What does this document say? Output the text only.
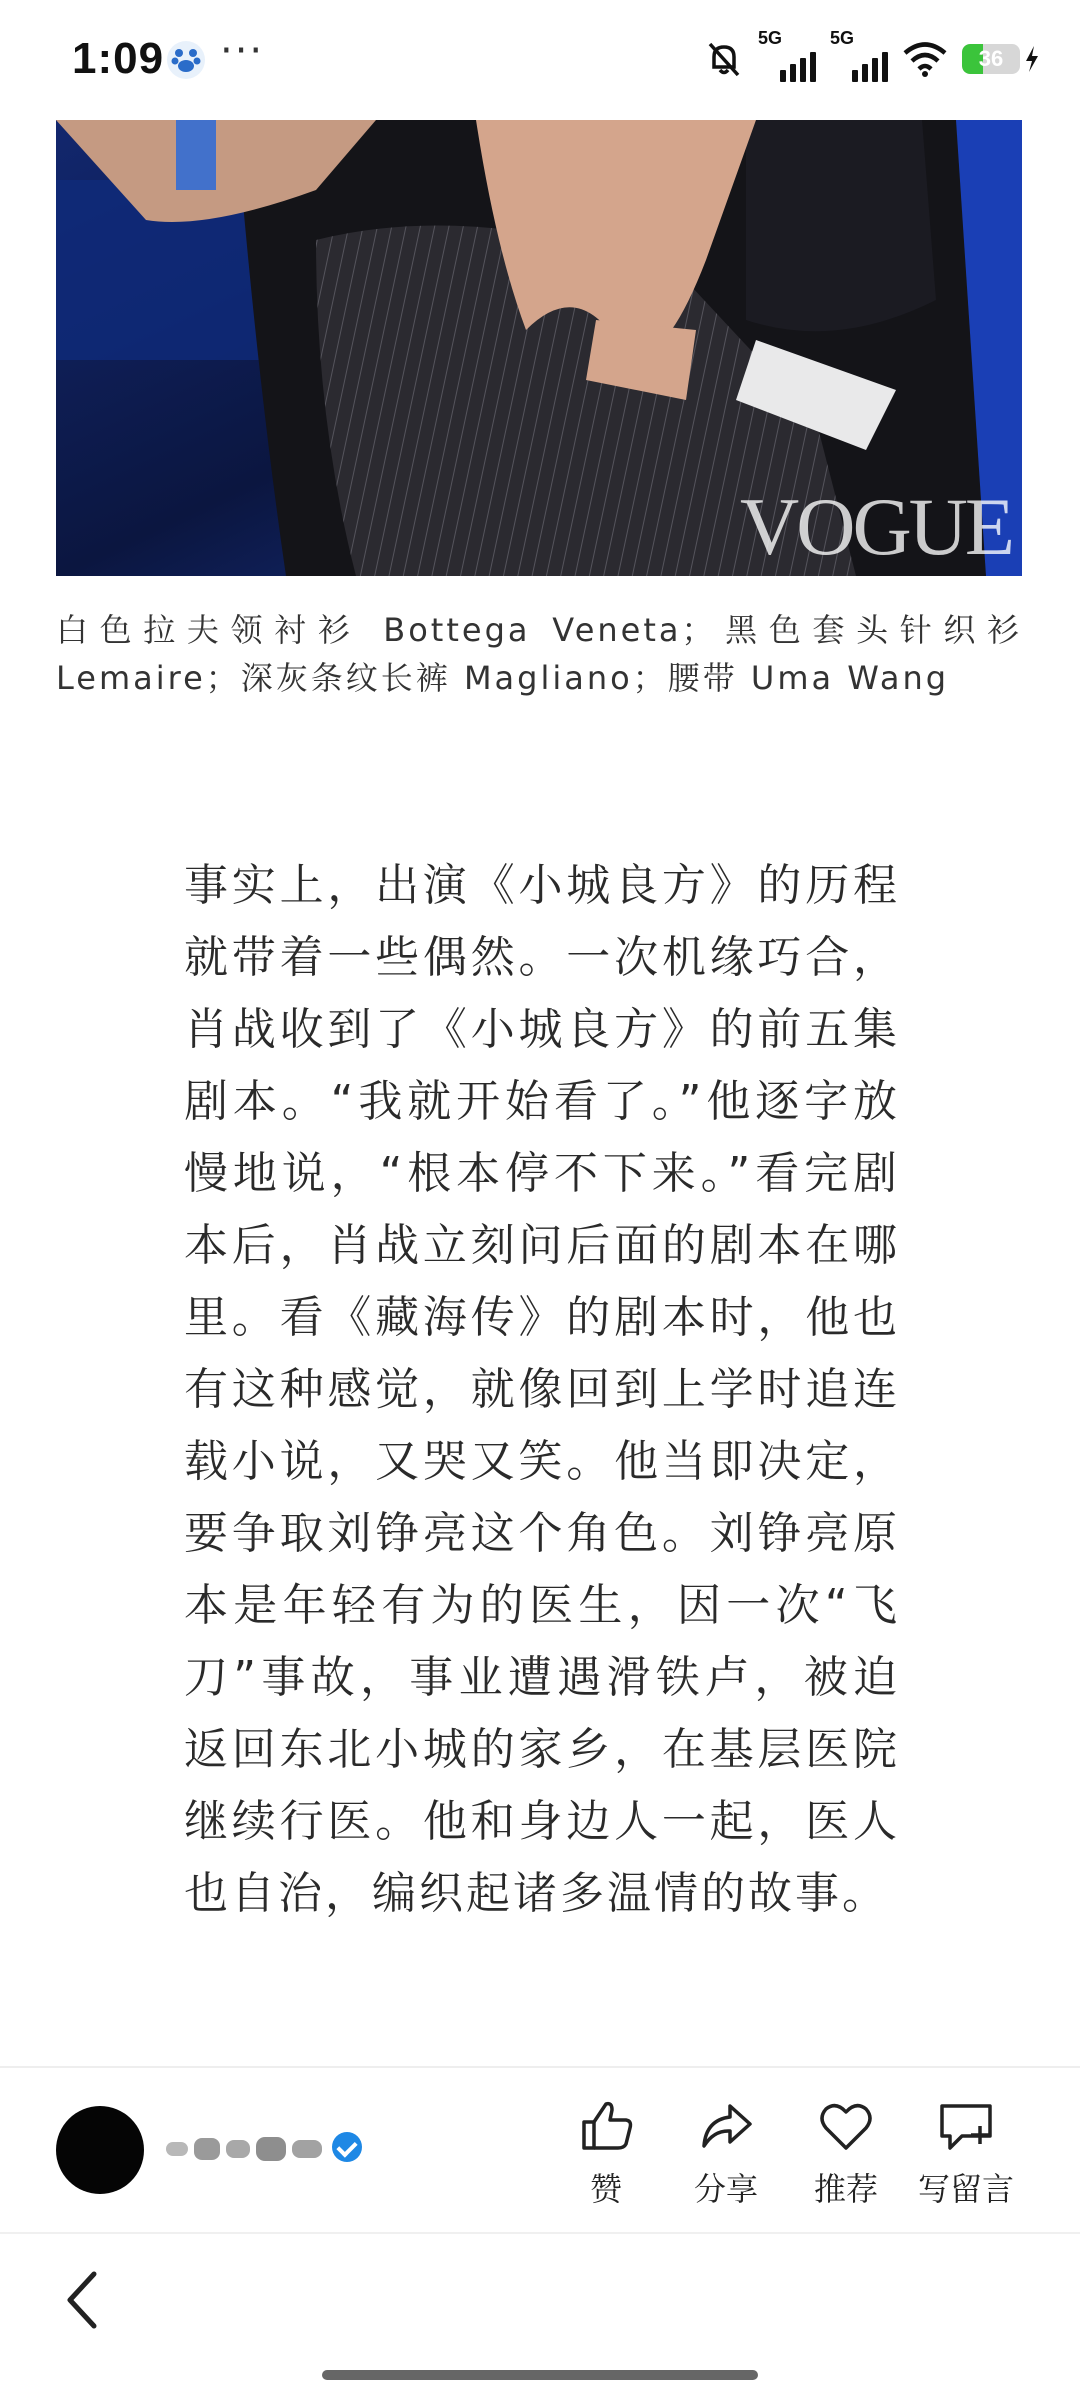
1:09 ···	5G	5G
36
VOGUE
白色拉夫领衬衫 Bottega Veneta；黑色套头针织衫 Lemaire；深灰条纹长裤 Magliano；腰带 Uma Wang
事实上，出演《小城良方》的历程就带着一些偶然。一次机缘巧合，肖战收到了《小城良方》的前五集剧本。“我就开始看了。”他逐字放慢地说，“根本停不下来。”看完剧本后，肖战立刻问后面的剧本在哪里。看《藏海传》的剧本时，他也有这种感觉，就像回到上学时追连载小说，又哭又笑。他当即决定，要争取刘铮亮这个角色。刘铮亮原本是年轻有为的医生，因一次“飞刀”事故，事业遭遇滑铁卢，被迫返回东北小城的家乡，在基层医院继续行医。他和身边人一起，医人也自治，编织起诸多温情的故事。
赞	分享	推荐	写留言
